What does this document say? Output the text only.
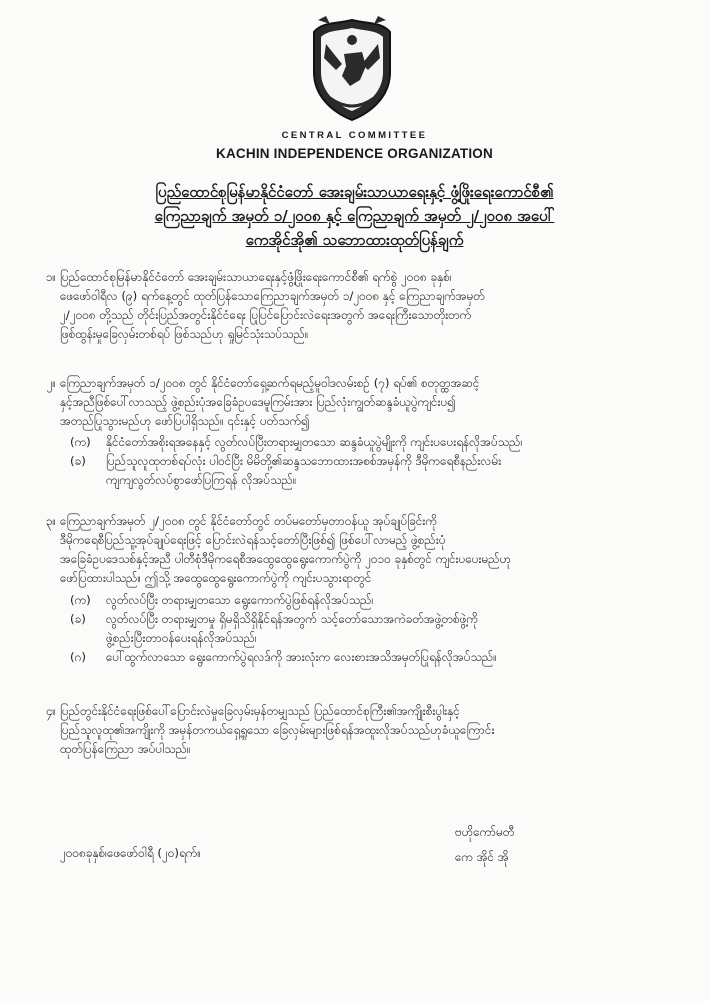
CENTRAL COMMITTEE
KACHIN INDEPENDENCE ORGANIZATION
ပြည်ထောင်စုမြန်မာနိုင်ငံတော် အေးချမ်းသာယာရေးနှင့် ဖွံ့ဖြိုးရေးကောင်စီ၏
ကြေညာချက် အမှတ် ၁/၂၀၀၈ နှင့် ကြေညာချက် အမှတ် ၂/၂၀၀၈ အပေါ်
ကေအိုင်အို၏ သဘောထားထုတ်ပြန်ချက်
၁။ ပြည်ထောင်စုမြန်မာနိုင်ငံတော် အေးချမ်းသာယာရေးနှင့်ဖွံ့ဖြိုးရေးကောင်စီ၏ ရက်စွဲ ၂၀၀၈ ခုနှစ်၊
ဖေဖော်ဝါရီလ (၉) ရက်နေ့တွင် ထုတ်ပြန်သောကြေညာချက်အမှတ် ၁/၂၀၀၈ နှင့် ကြေညာချက်အမှတ်
၂/၂၀၀၈ တို့သည် တိုင်းပြည်အတွင်းနိုင်ငံရေး ပြုပြင်ပြောင်းလဲရေးအတွက် အရေးကြီးသောတိုးတက်
ဖြစ်ထွန်းမှုခြေလှမ်းတစ်ရပ် ဖြစ်သည်ဟု ရှုမြင်သုံးသပ်သည်။
၂။ ကြေညာချက်အမှတ် ၁/၂၀၀၈ တွင် နိုင်ငံတော်ရှေ့ဆက်ရမည့်မူဝါဒလမ်းစဉ် (၇) ရပ်၏ စတုတ္ထအဆင့်
နှင့်အညီဖြစ်ပေါ်လာသည့် ဖွဲ့စည်းပုံအခြေခံဥပဒေမူကြမ်းအား ပြည်လုံးကျွတ်ဆန္ဒခံယူပွဲကျင်းပ၍
အတည်ပြုသွားမည်ဟု ဖော်ပြပါရှိသည်။ ၎င်းနှင့် ပတ်သက်၍
(က) နိုင်ငံတော်အစိုးရအနေနှင့် လွတ်လပ်ပြီးတရားမျှတသော ဆန္ဒခံယူပွဲမျိုးကို ကျင်းပပေးရန်လိုအပ်သည်၊
(ခ) ပြည်သူလူထုတစ်ရပ်လုံး ပါဝင်ပြီး မိမိတို့၏ဆန္ဒသဘောထားအစစ်အမှန်ကို ဒီမိုကရေစီနည်းလမ်း
ကျကျလွတ်လပ်စွာဖော်ပြကြရန် လိုအပ်သည်။
၃။ ကြေညာချက်အမှတ် ၂/၂၀၀၈ တွင် နိုင်ငံတော်တွင် တပ်မတော်မှတာဝန်ယူ အုပ်ချုပ်ခြင်းကို
ဒီမိုကရေစီပြည်သူ့အုပ်ချုပ်ရေးဖြင့် ပြောင်းလဲရန်သင့်တော်ပြီးဖြစ်၍ ဖြစ်ပေါ်လာမည့် ဖွဲ့စည်းပုံ
အခြေခံဥပဒေသစ်နှင့်အညီ ပါတီစုံဒီမိုကရေစီအထွေထွေရွေးကောက်ပွဲကို ၂၀၁၀ ခုနှစ်တွင် ကျင်းပပေးမည်ဟု
ဖော်ပြထားပါသည်။ ဤသို့ အထွေထွေရွေးကောက်ပွဲကို ကျင်းပသွားရာတွင်
(က) လွတ်လပ်ပြီး တရားမျှတသော ရွေးကောက်ပွဲဖြစ်ရန်လိုအပ်သည်၊
(ခ) လွတ်လပ်ပြီး တရားမျှတမှု ရှိမရှိသိရှိနိုင်ရန်အတွက် သင့်တော်သောအကဲခတ်အဖွဲ့တစ်ဖွဲ့ကို
ဖွဲ့စည်းပြီးတာဝန်ပေးရန်လိုအပ်သည်၊
(ဂ) ပေါ်ထွက်လာသော ရွေးကောက်ပွဲရလဒ်ကို အားလုံးက လေးစားအသိအမှတ်ပြုရန်လိုအပ်သည်။
၄။ ပြည်တွင်းနိုင်ငံရေးဖြစ်ပေါ်ပြောင်းလဲမှုခြေလှမ်းမှန်တမျှသည် ပြည်ထောင်စုကြီး၏အကျိုးစီးပွါးနှင့်
ပြည်သူလူထု၏အကျိုးကို အမှန်တကယ်ရှေ့ရှုသော ခြေလှမ်းများဖြစ်ရန်အထူးလိုအပ်သည်ဟုခံယူကြောင်း
ထုတ်ပြန်ကြေညာ အပ်ပါသည်။
၂၀၀၈ခုနှစ်၊ဖေဖော်ဝါရီ (၂၀)ရက်။
ဗဟိုကော်မတီ
ကေ အိုင် အို
